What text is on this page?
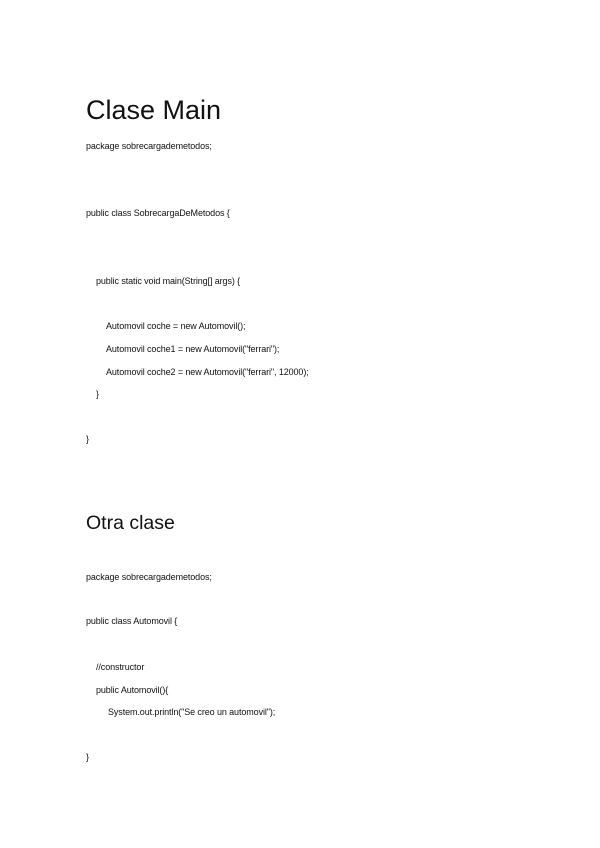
Clase Main

package sobrecargademetodos;

public class SobrecargaDeMetodos {

public static void main(String[] args) {

Automovil coche = new Automovil();

Automovil coche1 = new Automovil("ferrari");

Automovil coche2 = new Automovil("ferrari", 12000);

}

}

Otra clase

package sobrecargademetodos;

public class Automovil {

//constructor

public Automovil(){

System.out.println("Se creo un automovil");

}
